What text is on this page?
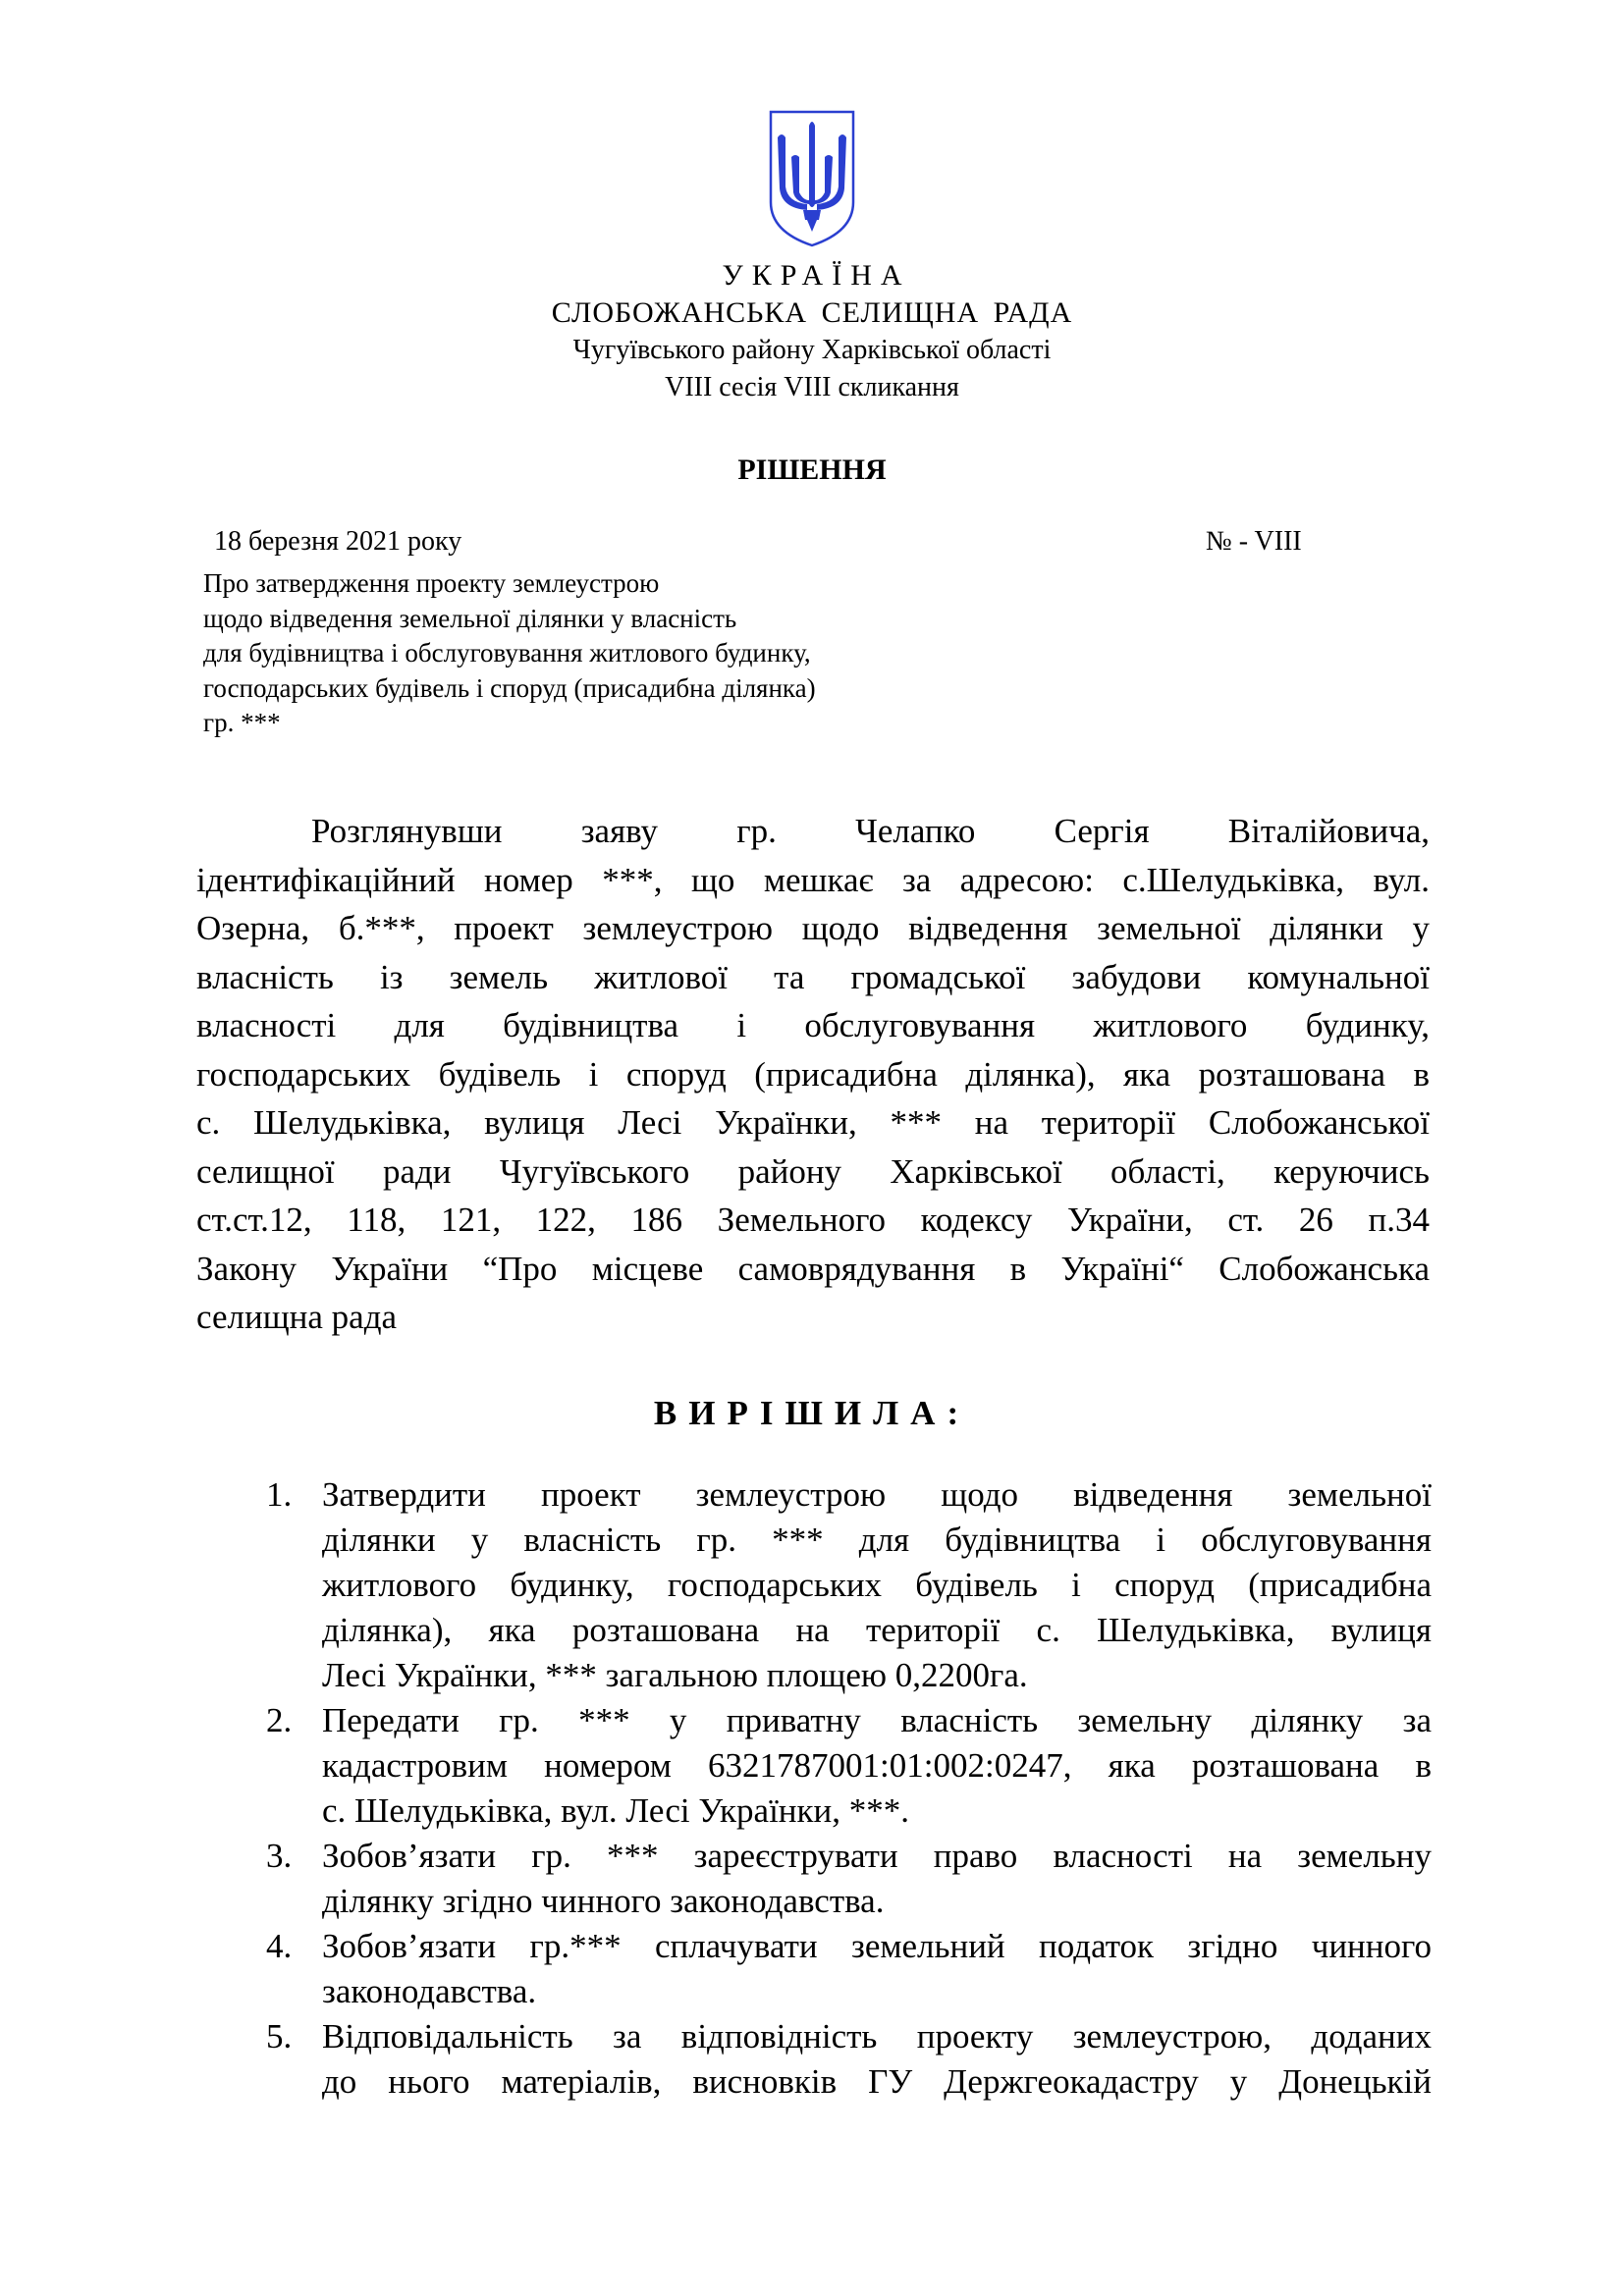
УКРАЇНА
СЛОБОЖАНСЬКА СЕЛИЩНА РАДА
Чугуївського району Харківської області
VIII сесія VIII скликання
РІШЕННЯ
18 березня 2021 року	№ - VIII
Про затвердження проекту землеустрою
щодо відведення земельної ділянки у власність
для будівництва і обслуговування житлового будинку,
господарських будівель і споруд (присадибна ділянка)
гр. ***
Розглянувши заяву гр. Челапко Сергія Віталійовича,
ідентифікаційний номер ***, що мешкає за адресою: с.Шелудьківка, вул.
Озерна, б.***, проект землеустрою щодо відведення земельної ділянки у
власність із земель житлової та громадської забудови комунальної
власності для будівництва і обслуговування житлового будинку,
господарських будівель і споруд (присадибна ділянка), яка розташована в
с. Шелудьківка, вулиця Лесі Українки, *** на території Слобожанської
селищної ради Чугуївського району Харківської області, керуючись
ст.ст.12, 118, 121, 122, 186 Земельного кодексу України, ст. 26 п.34
Закону України “Про місцеве самоврядування в Україні“ Слобожанська
селищна рада
ВИРІШИЛА:
1. Затвердити проект землеустрою щодо відведення земельної
ділянки у власність гр. *** для будівництва і обслуговування
житлового будинку, господарських будівель і споруд (присадибна
ділянка), яка розташована на території с. Шелудьківка, вулиця
Лесі Українки, *** загальною площею 0,2200га.
2. Передати гр. *** у приватну власність земельну ділянку за
кадастровим номером 6321787001:01:002:0247, яка розташована в
с. Шелудьківка, вул. Лесі Українки, ***.
3. Зобов’язати гр. *** зареєструвати право власності на земельну
ділянку згідно чинного законодавства.
4. Зобов’язати гр.*** сплачувати земельний податок згідно чинного
законодавства.
5. Відповідальність за відповідність проекту землеустрою, доданих
до нього матеріалів, висновків ГУ Держгеокадастру у Донецькій
